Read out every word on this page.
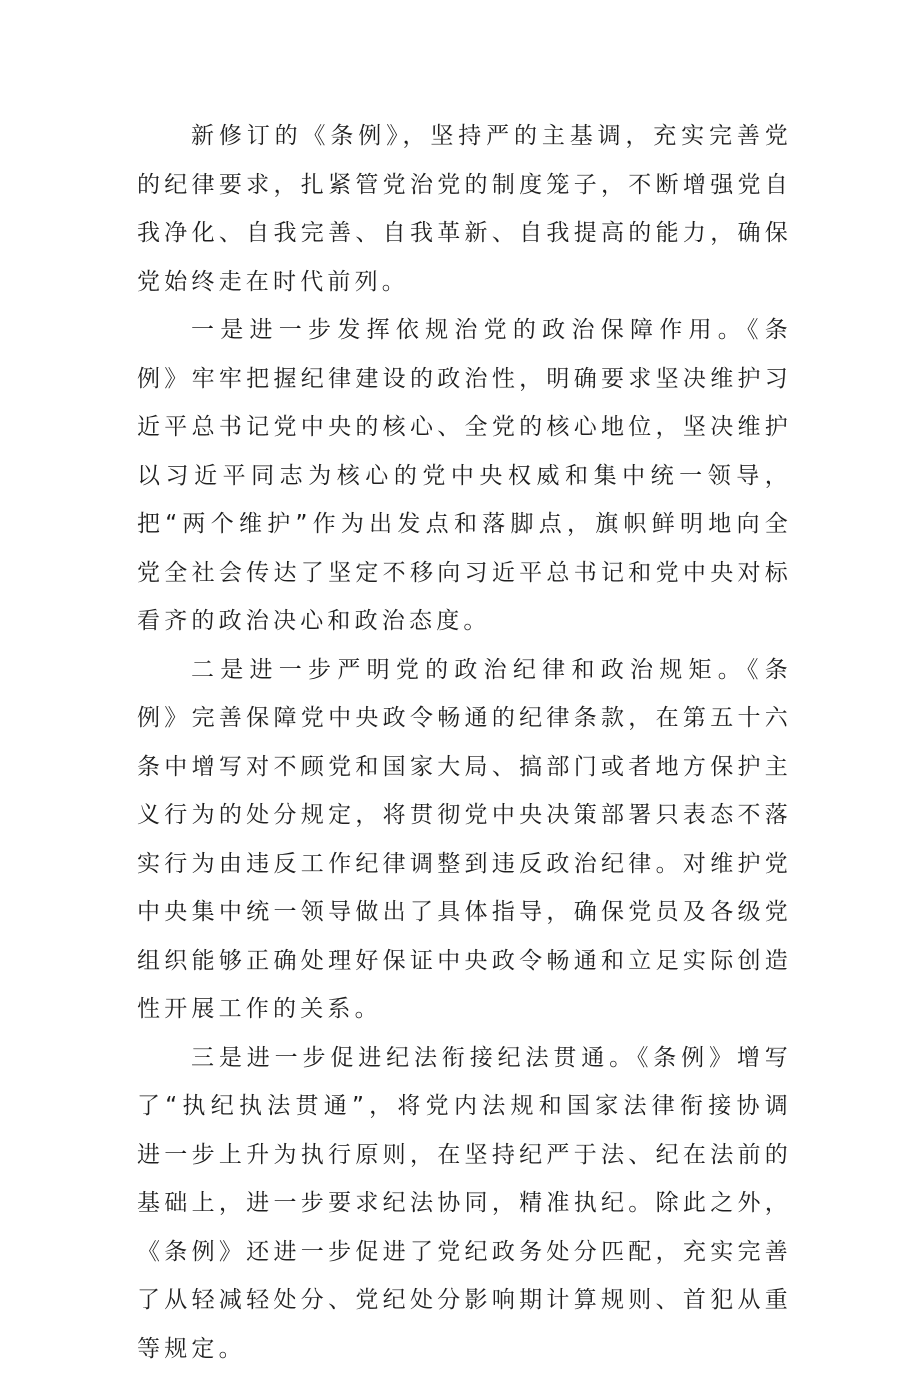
新修订的《条例》，坚持严的主基调，充实完善党的纪律要求，扎紧管党治党的制度笼子，不断增强党自我净化、自我完善、自我革新、自我提高的能力，确保党始终走在时代前列。

一是进一步发挥依规治党的政治保障作用。《条例》牢牢把握纪律建设的政治性，明确要求坚决维护习近平总书记党中央的核心、全党的核心地位，坚决维护以习近平同志为核心的党中央权威和集中统一领导，把“两个维护”作为出发点和落脚点，旗帜鲜明地向全党全社会传达了坚定不移向习近平总书记和党中央对标看齐的政治决心和政治态度。

二是进一步严明党的政治纪律和政治规矩。《条例》完善保障党中央政令畅通的纪律条款，在第五十六条中增写对不顾党和国家大局、搞部门或者地方保护主义行为的处分规定，将贯彻党中央决策部署只表态不落实行为由违反工作纪律调整到违反政治纪律。对维护党中央集中统一领导做出了具体指导，确保党员及各级党组织能够正确处理好保证中央政令畅通和立足实际创造性开展工作的关系。

三是进一步促进纪法衔接纪法贯通。《条例》增写了“执纪执法贯通”，将党内法规和国家法律衔接协调进一步上升为执行原则，在坚持纪严于法、纪在法前的基础上，进一步要求纪法协同，精准执纪。除此之外，《条例》还进一步促进了党纪政务处分匹配，充实完善了从轻减轻处分、党纪处分影响期计算规则、首犯从重等规定。
